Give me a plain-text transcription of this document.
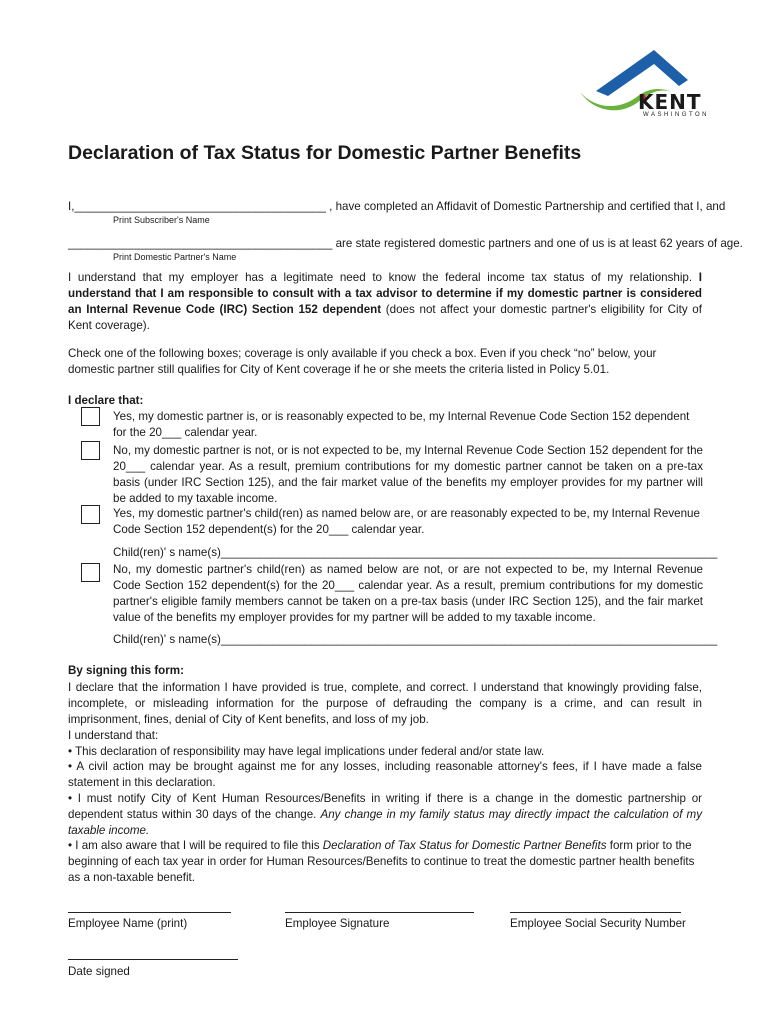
KENT
WASHINGTON
Declaration of Tax Status for Domestic Partner Benefits
I,_______________________________________ , have completed an Affidavit of Domestic Partnership and certified that I, and
Print Subscriber's Name
_________________________________________ are state registered domestic partners and one of us is at least 62 years of age.
Print Domestic Partner's Name
I understand that my employer has a legitimate need to know the federal income tax status of my relationship. I understand that I am responsible to consult with a tax advisor to determine if my domestic partner is considered an Internal Revenue Code (IRC) Section 152 dependent (does not affect your domestic partner's eligibility for City of Kent coverage).
Check one of the following boxes; coverage is only available if you check a box. Even if you check “no” below, your domestic partner still qualifies for City of Kent coverage if he or she meets the criteria listed in Policy 5.01.
I declare that:
Yes, my domestic partner is, or is reasonably expected to be, my Internal Revenue Code Section 152 dependent for the 20___ calendar year.
No, my domestic partner is not, or is not expected to be, my Internal Revenue Code Section 152 dependent for the 20___ calendar year. As a result, premium contributions for my domestic partner cannot be taken on a pre-tax basis (under IRC Section 125), and the fair market value of the benefits my employer provides for my partner will be added to my taxable income.
Yes, my domestic partner's child(ren) as named below are, or are reasonably expected to be, my Internal Revenue Code Section 152 dependent(s) for the 20___ calendar year.
Child(ren)' s name(s)_____________________________________________________________________________
No, my domestic partner's child(ren) as named below are not, or are not expected to be, my Internal Revenue Code Section 152 dependent(s) for the 20___ calendar year. As a result, premium contributions for my domestic partner's eligible family members cannot be taken on a pre-tax basis (under IRC Section 125), and the fair market value of the benefits my employer provides for my partner will be added to my taxable income.
Child(ren)' s name(s)_____________________________________________________________________________
By signing this form:
I declare that the information I have provided is true, complete, and correct. I understand that knowingly providing false, incomplete, or misleading information for the purpose of defrauding the company is a crime, and can result in imprisonment, fines, denial of City of Kent benefits, and loss of my job.
I understand that:
• This declaration of responsibility may have legal implications under federal and/or state law.
• A civil action may be brought against me for any losses, including reasonable attorney's fees, if I have made a false statement in this declaration.
• I must notify City of Kent Human Resources/Benefits in writing if there is a change in the domestic partnership or dependent status within 30 days of the change. Any change in my family status may directly impact the calculation of my taxable income.
• I am also aware that I will be required to file this Declaration of Tax Status for Domestic Partner Benefits form prior to the beginning of each tax year in order for Human Resources/Benefits to continue to treat the domestic partner health benefits as a non-taxable benefit.
Employee Name (print)	Employee Signature	Employee Social Security Number
Date signed
